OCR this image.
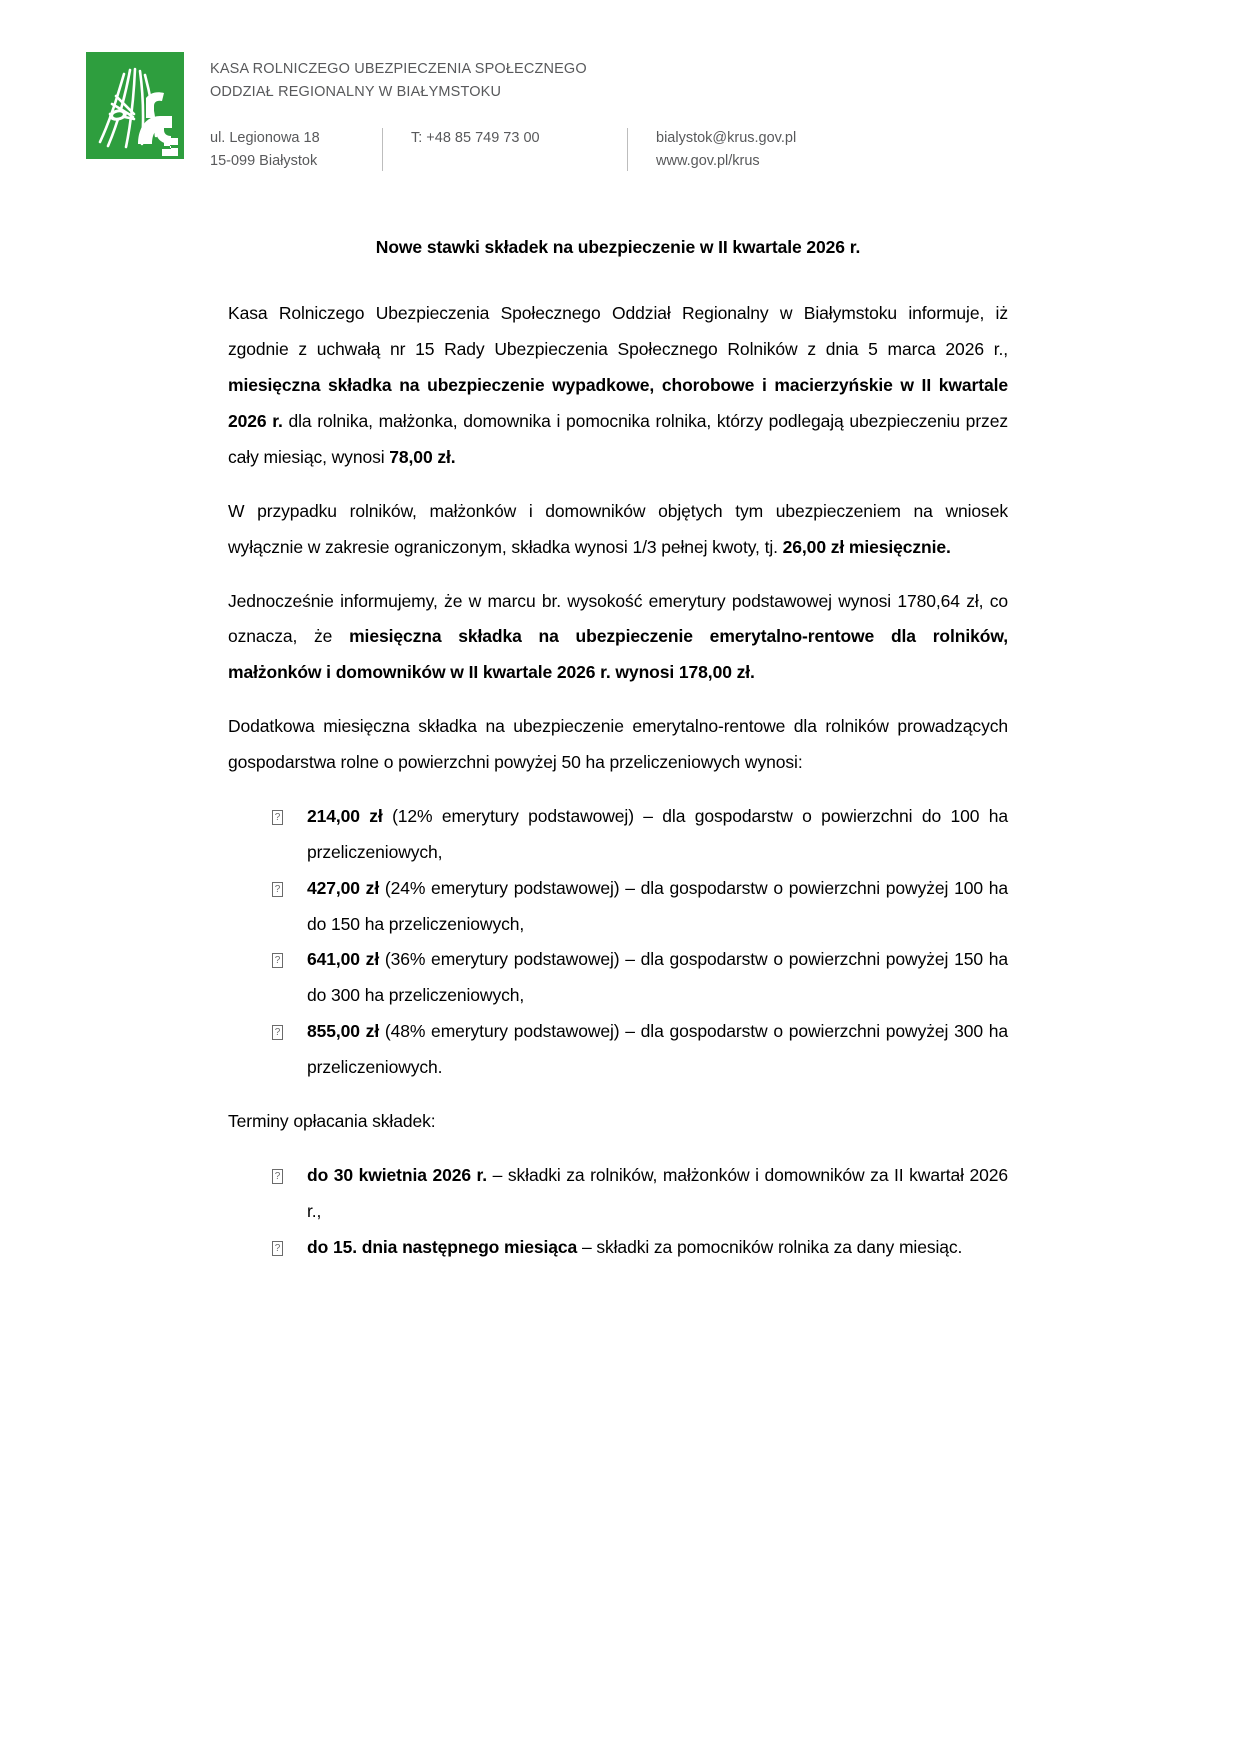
KASA ROLNICZEGO UBEZPIECZENIA SPOŁECZNEGO
ODDZIAŁ REGIONALNY W BIAŁYMSTOKU
ul. Legionowa 18
15-099 Białystok
T: +48 85 749 73 00	bialystok@krus.gov.pl
www.gov.pl/krus
Nowe stawki składek na ubezpieczenie w II kwartale 2026 r.

Kasa Rolniczego Ubezpieczenia Społecznego Oddział Regionalny w Białymstoku informuje, iż zgodnie z uchwałą nr 15 Rady Ubezpieczenia Społecznego Rolników z dnia 5 marca 2026 r., miesięczna składka na ubezpieczenie wypadkowe, chorobowe i macierzyńskie w II kwartale 2026 r. dla rolnika, małżonka, domownika i pomocnika rolnika, którzy podlegają ubezpieczeniu przez cały miesiąc, wynosi 78,00 zł.

W przypadku rolników, małżonków i domowników objętych tym ubezpieczeniem na wniosek wyłącznie w zakresie ograniczonym, składka wynosi 1/3 pełnej kwoty, tj. 26,00 zł miesięcznie.

Jednocześnie informujemy, że w marcu br. wysokość emerytury podstawowej wynosi 1780,64 zł, co oznacza, że miesięczna składka na ubezpieczenie emerytalno-rentowe dla rolników, małżonków i domowników w II kwartale 2026 r. wynosi 178,00 zł.

Dodatkowa miesięczna składka na ubezpieczenie emerytalno-rentowe dla rolników prowadzących gospodarstwa rolne o powierzchni powyżej 50 ha przeliczeniowych wynosi:

? 214,00 zł (12% emerytury podstawowej) – dla gospodarstw o powierzchni do 100 ha przeliczeniowych,
? 427,00 zł (24% emerytury podstawowej) – dla gospodarstw o powierzchni powyżej 100 ha do 150 ha przeliczeniowych,
? 641,00 zł (36% emerytury podstawowej) – dla gospodarstw o powierzchni powyżej 150 ha do 300 ha przeliczeniowych,
? 855,00 zł (48% emerytury podstawowej) – dla gospodarstw o powierzchni powyżej 300 ha przeliczeniowych.

Terminy opłacania składek:

? do 30 kwietnia 2026 r. – składki za rolników, małżonków i domowników za II kwartał 2026 r.,
? do 15. dnia następnego miesiąca – składki za pomocników rolnika za dany miesiąc.
